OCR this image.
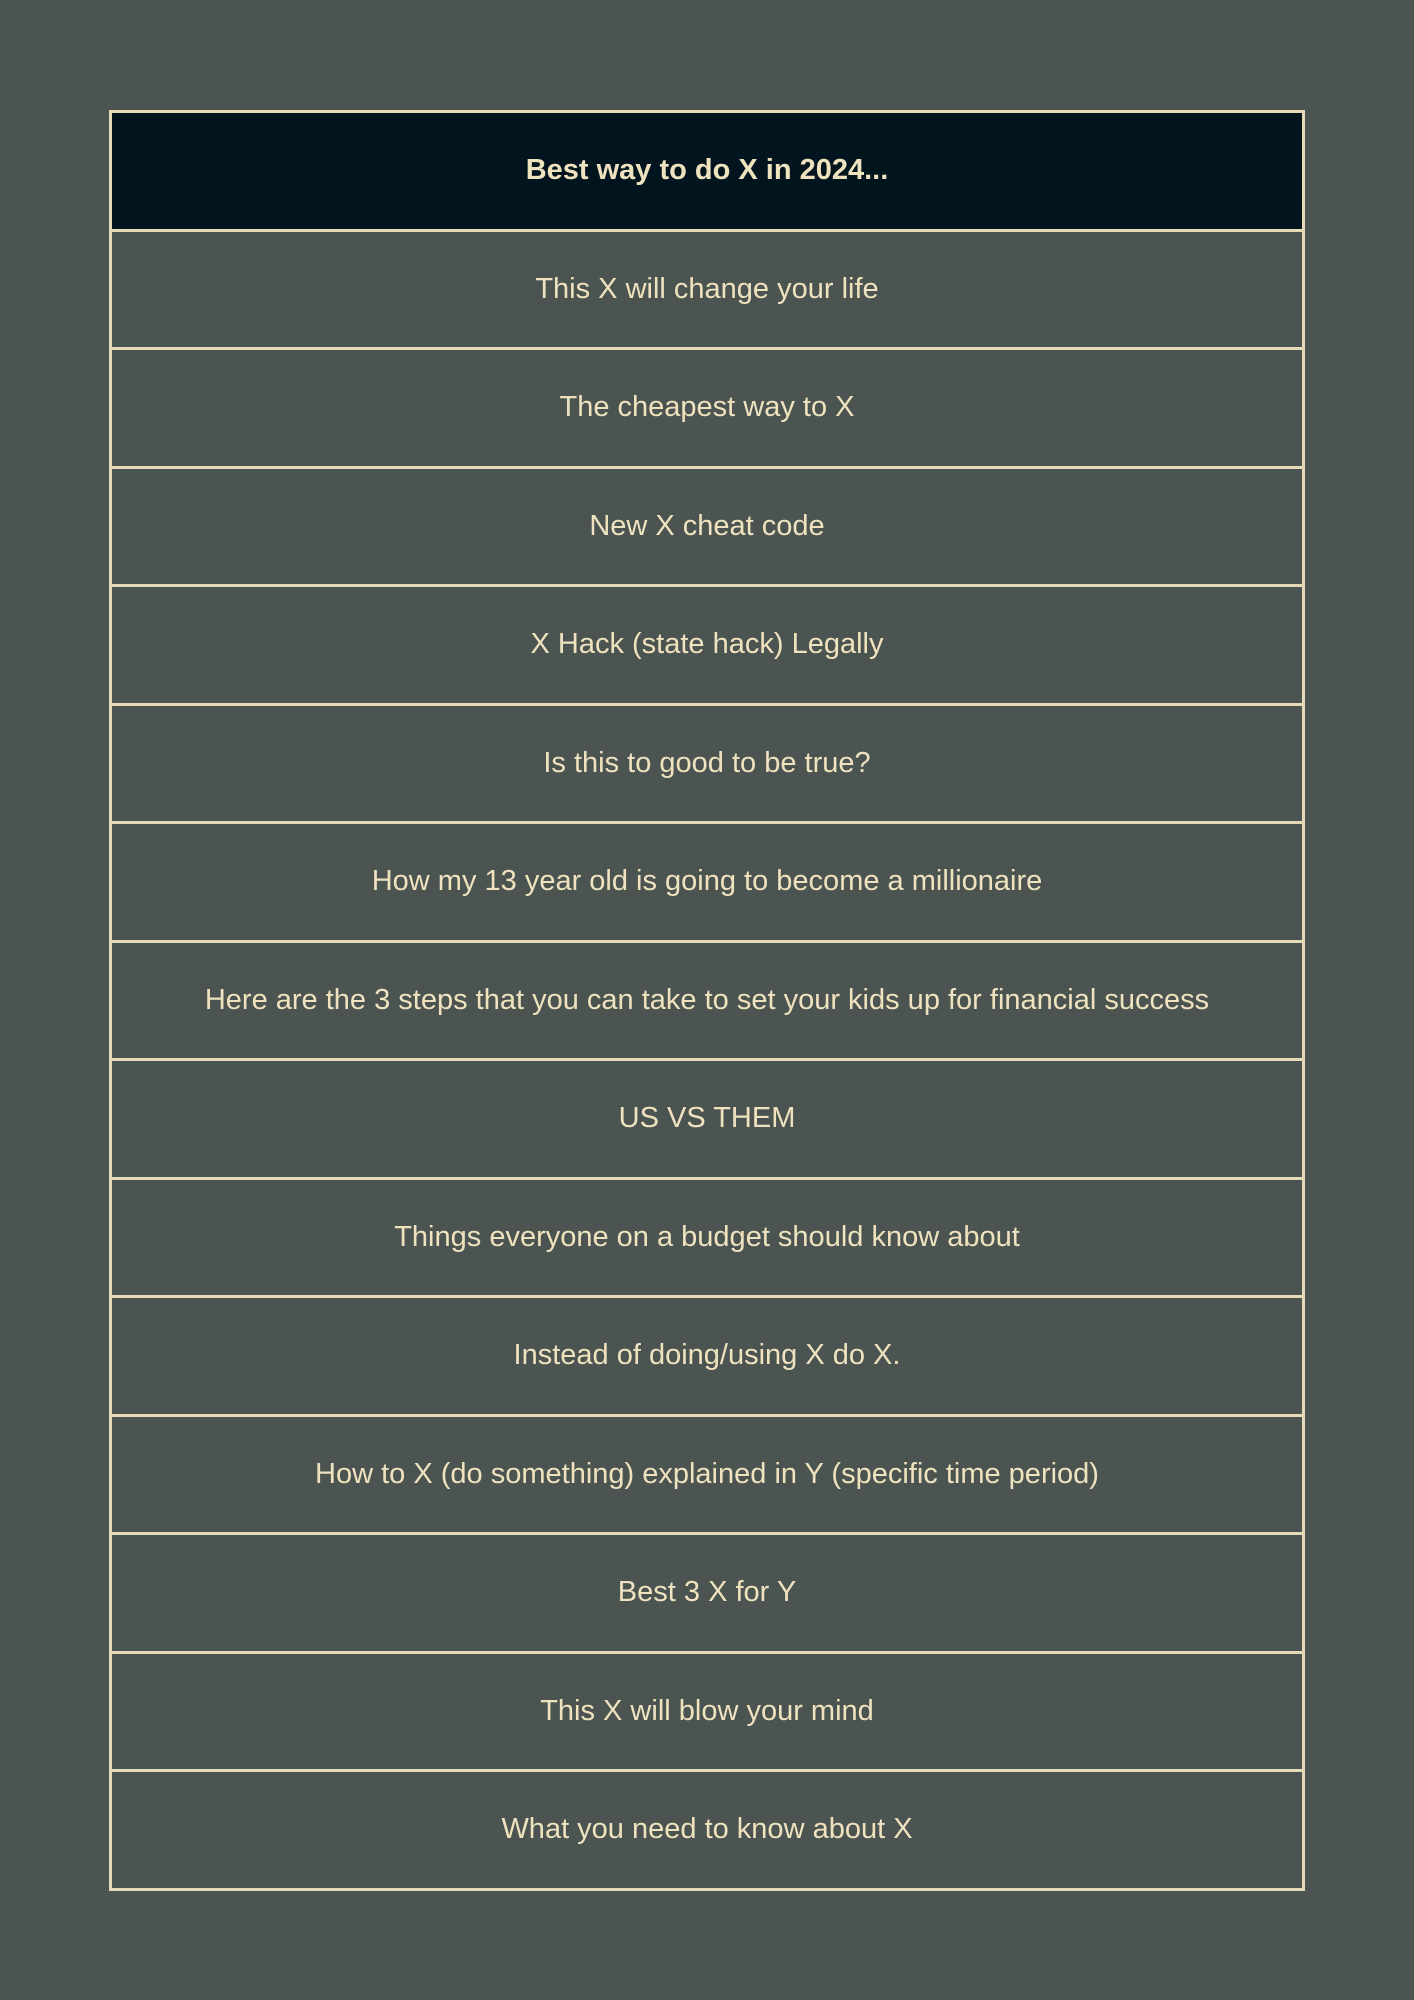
Best way to do X in 2024...
This X will change your life
The cheapest way to X
New X cheat code
X Hack (state hack) Legally
Is this to good to be true?
How my 13 year old is going to become a millionaire
Here are the 3 steps that you can take to set your kids up for financial success
US VS THEM
Things everyone on a budget should know about
Instead of doing/using X do X.
How to X (do something) explained in Y (specific time period)
Best 3 X for Y
This X will blow your mind
What you need to know about X
